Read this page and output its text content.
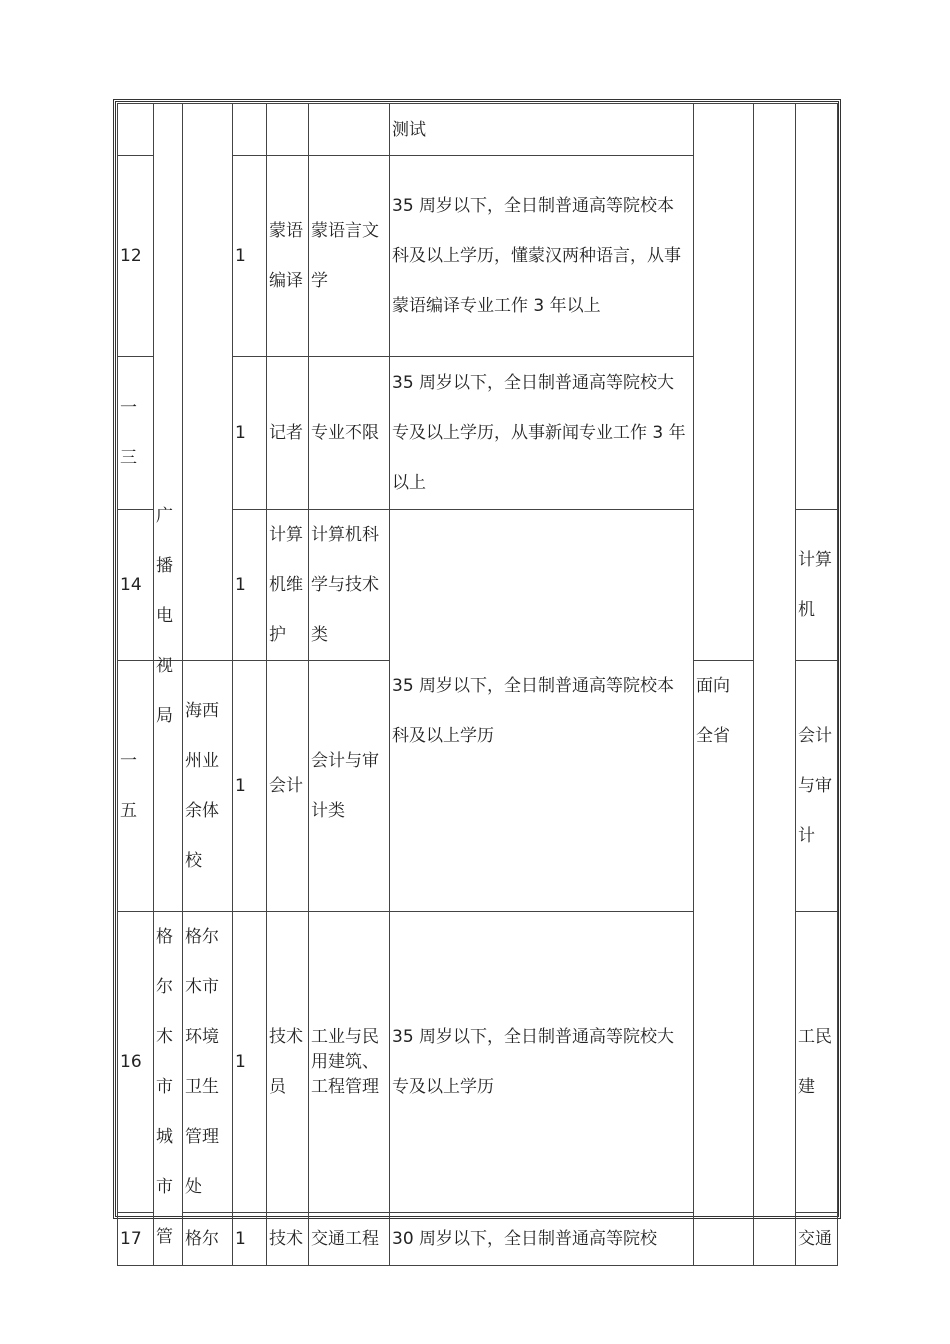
						测试			
12			1	蒙语编译	蒙语言文学	35 周岁以下，全日制普通高等院校本科及以上学历，懂蒙汉两种语言，从事蒙语编译专业工作 3 年以上			
一三			1	记者	专业不限	35 周岁以下，全日制普通高等院校大专及以上学历，从事新闻专业工作 3 年以上			
14			1	计算机维护	计算机科学与技术类	35 周岁以下，全日制普通高等院校本科及以上学历			计算机
一五	广播电视局	海西州业余体校	1	会计	会计与审计类		面向全省		会计与审计
16	格尔木市城市管	格尔木市环境卫生管理处	1	技术员	工业与民用建筑、工程管理	35 周岁以下，全日制普通高等院校大专及以上学历			工民建
17		格尔	1	技术	交通工程	30 周岁以下，全日制普通高等院校			交通
